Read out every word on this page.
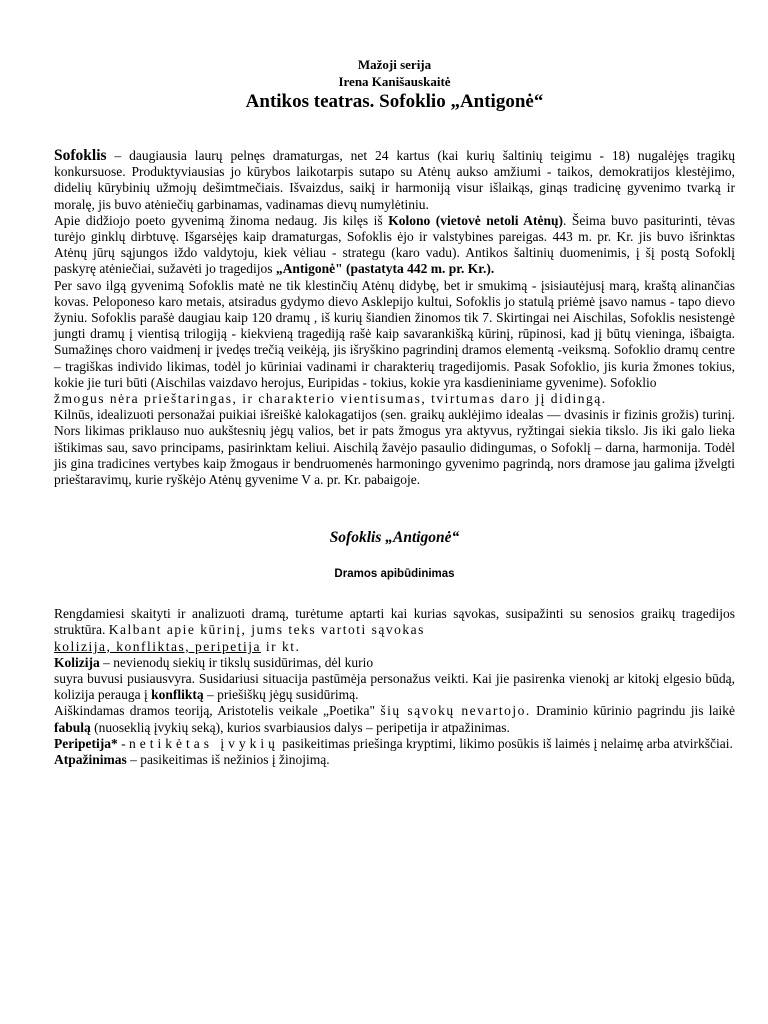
Mažoji serija
Irena Kanišauskaitė
Antikos teatras. Sofoklio „Antigonė“

Sofoklis – daugiausia laurų pelnęs dramaturgas, net 24 kartus (kai kurių šaltinių teigimu - 18) nugalėjęs tragikų konkursuose. Produktyviausias jo kūrybos laikotarpis sutapo su Atėnų aukso amžiumi - taikos, demokratijos klestėjimo, didelių kūrybinių užmojų dešimtmečiais. Išvaizdus, saikį ir harmoniją visur išlaikąs, ginąs tradicinę gyvenimo tvarką ir moralę, jis buvo atėniečių garbinamas, vadinamas dievų numylėtiniu.

Apie didžiojo poeto gyvenimą žinoma nedaug. Jis kilęs iš Kolono (vietovė netoli Atėnų). Šeima buvo pasiturinti, tėvas turėjo ginklų dirbtuvę. Išgarsėjęs kaip dramaturgas, Sofoklis ėjo ir valstybines pareigas. 443 m. pr. Kr. jis buvo išrinktas Atėnų jūrų sąjungos iždo valdytoju, kiek vėliau - strategu (karo vadu). Antikos šaltinių duomenimis, į šį postą Sofoklį paskyrę atėniečiai, sužavėti jo tragedijos „Antigonė" (pastatyta 442 m. pr. Kr.).

Per savo ilgą gyvenimą Sofoklis matė ne tik klestinčių Atėnų didybę, bet ir smukimą - įsisiautėjusį marą, kraštą alinančias kovas. Peloponeso karo metais, atsiradus gydymo dievo Asklepijo kultui, Sofoklis jo statulą priėmė įsavo namus - tapo dievo žyniu. Sofoklis parašė daugiau kaip 120 dramų , iš kurių šiandien žinomos tik 7. Skirtingai nei Aischilas, Sofoklis nesistengė jungti dramų į vientisą trilogiją - kiekvieną tragediją rašė kaip savarankišką kūrinį, rūpinosi, kad jį būtų vieninga, išbaigta. Sumažinęs choro vaidmenį ir įvedęs trečią veikėją, jis išryškino pagrindinį dramos elementą -veiksmą. Sofoklio dramų centre – tragiškas individo likimas, todėl jo kūriniai vadinami ir charakterių tragedijomis. Pasak Sofoklio, jis kuria žmones tokius, kokie jie turi būti (Aischilas vaizdavo herojus, Euripidas - tokius, kokie yra kasdieniniame gyvenime). Sofoklio
žmogus nėra prieštaringas, ir charakterio vientisumas, tvirtumas daro jį didingą.

Kilnūs, idealizuoti personažai puikiai išreiškė kalokagatijos (sen. graikų auklėjimo idealas — dvasinis ir fizinis grožis) turinį. Nors likimas priklauso nuo aukštesnių jėgų valios, bet ir pats žmogus yra aktyvus, ryžtingai siekia tikslo. Jis iki galo lieka ištikimas sau, savo principams, pasirinktam keliui. Aischilą žavėjo pasaulio didingumas, o Sofoklį – darna, harmonija. Todėl jis gina tradicines vertybes kaip žmogaus ir bendruomenės harmoningo gyvenimo pagrindą, nors dramose jau galima įžvelgti prieštaravimų, kurie ryškėjo Atėnų gyvenime V a. pr. Kr. pabaigoje.

Sofoklis „Antigonė“
Dramos apibūdinimas

Rengdamiesi skaityti ir analizuoti dramą, turėtume aptarti kai kurias sąvokas, susipažinti su senosios graikų tragedijos struktūra. Kalbant apie kūrinį, jums teks vartoti sąvokas
kolizija, konfliktas, peripetija ir kt.

Kolizija – nevienodų siekių ir tikslų susidūrimas, dėl kurio
suyra buvusi pusiausvyra. Susidariusi situacija pastūmėja personažus veikti. Kai jie pasirenka vienokį ar kitokį elgesio būdą, kolizija perauga į konfliktą – priešiškų jėgų susidūrimą.

Aiškindamas dramos teoriją, Aristotelis veikale „Poetika" šių sąvokų nevartojo. Draminio kūrinio pagrindu jis laikė fabulą (nuoseklią įvykių seką), kurios svarbiausios dalys – peripetija ir atpažinimas.

Peripetija* - netikėtas įvykių pasikeitimas priešinga kryptimi, likimo posūkis iš laimės į nelaimę arba atvirkščiai.

Atpažinimas – pasikeitimas iš nežinios į žinojimą.
